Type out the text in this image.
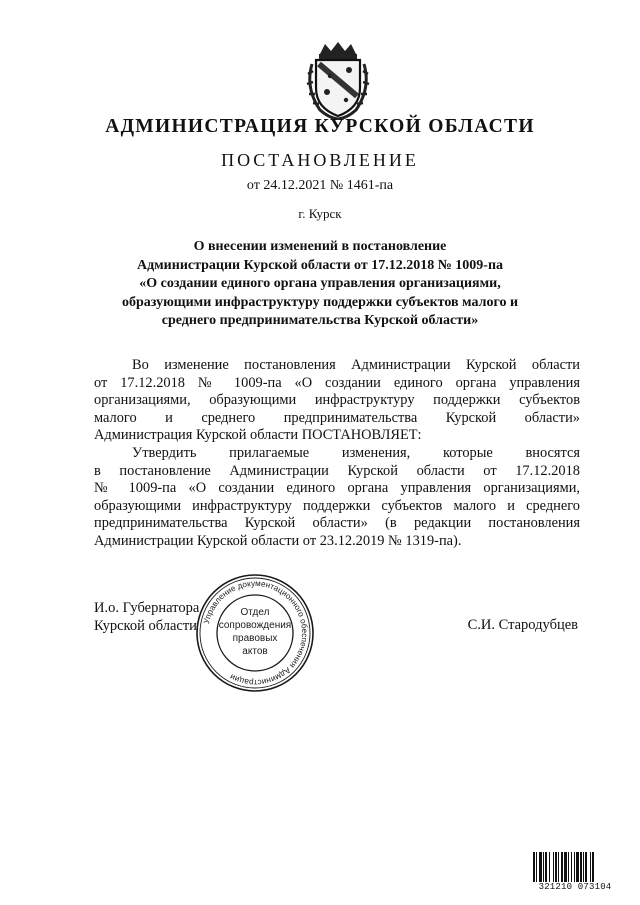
АДМИНИСТРАЦИЯ КУРСКОЙ ОБЛАСТИ
ПОСТАНОВЛЕНИЕ
от 24.12.2021 № 1461-па
г. Курск
О внесении изменений в постановление
Администрации Курской области от 17.12.2018 № 1009-па
«О создании единого органа управления организациями,
образующими инфраструктуру поддержки субъектов малого и
среднего предпринимательства Курской области»
Во изменение постановления Администрации Курской области
от 17.12.2018 № 1009-па «О создании единого органа управления
организациями, образующими инфраструктуру поддержки субъектов
малого и среднего предпринимательства Курской области»
Администрация Курской области ПОСТАНОВЛЯЕТ:
Утвердить прилагаемые изменения, которые вносятся
в постановление Администрации Курской области от 17.12.2018
№ 1009-па «О создании единого органа управления организациями,
образующими инфраструктуру поддержки субъектов малого и среднего
предпринимательства Курской области» (в редакции постановления
Администрации Курской области от 23.12.2019 № 1319-па).
И.о. Губернатора
Курской области	С.И. Стародубцев
Управление документационного обеспечения Администрации
Отдел
сопровождения
правовых
актов
321210 073104
